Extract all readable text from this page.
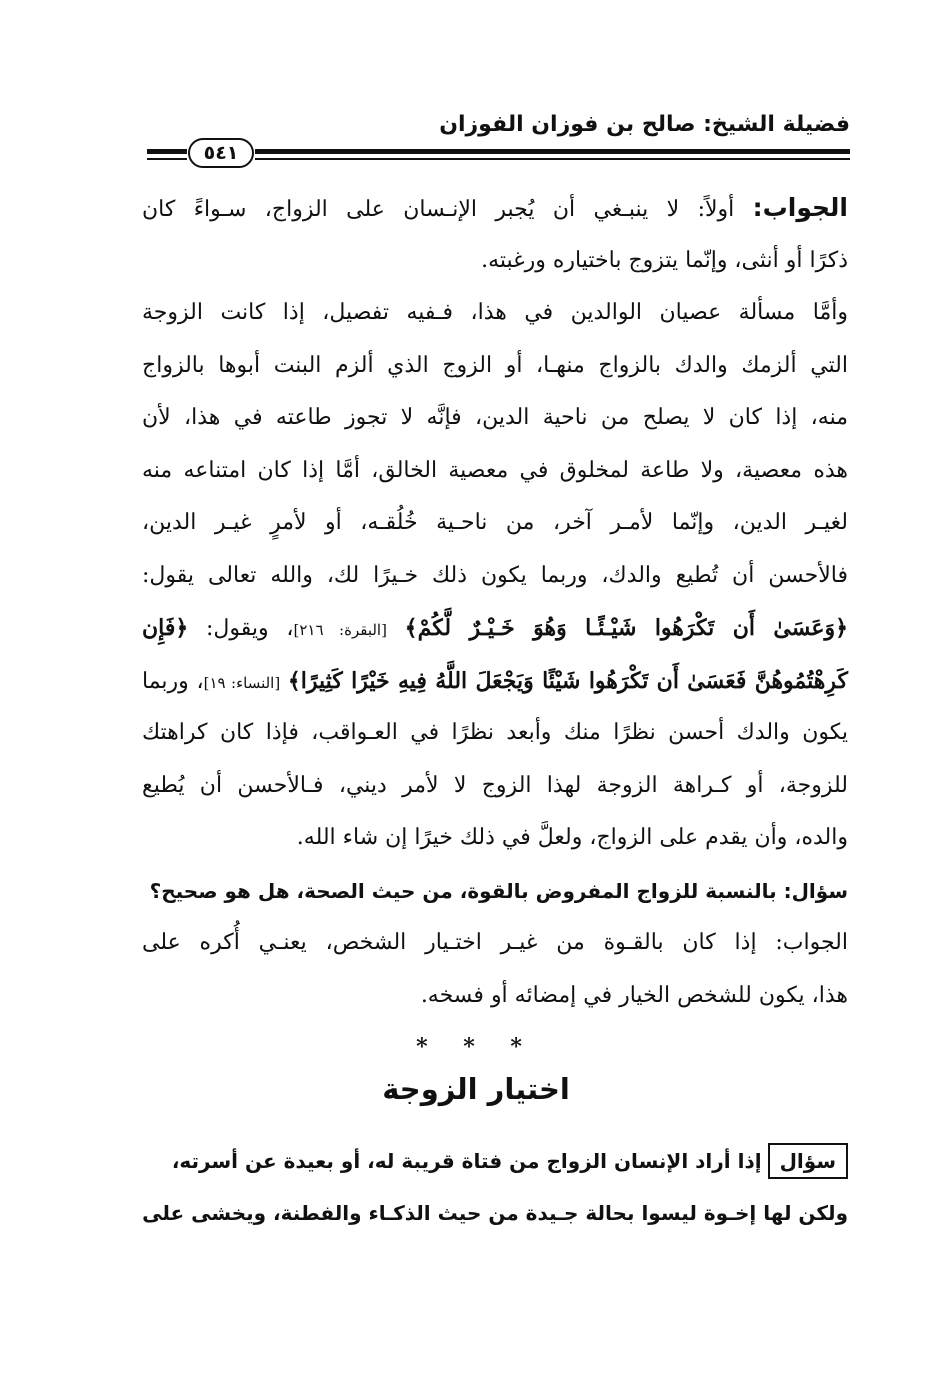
فضيلة الشيخ: صالح بن فوزان الفوزان
٥٤١
الجواب: أولاً: لا ينبـغي أن يُجبر الإنـسان على الزواج، سـواءً كان
ذكرًا أو أنثى، وإنّما يتزوج باختياره ورغبته.
وأمَّا مسألة عصيان الوالدين في هذا، فـفيه تفصيل، إذا كانت الزوجة
التي ألزمك والدك بالزواج منهـا، أو الزوج الذي ألزم البنت أبوها بالزواج
منه، إذا كان لا يصلح من ناحية الدين، فإنَّه لا تجوز طاعته في هذا، لأن
هذه معصية، ولا طاعة لمخلوق في معصية الخالق، أمَّا إذا كان امتناعه منه
لغيـر الدين، وإنّما لأمـر آخر، من ناحـية خُلُقـه، أو لأمرٍ غيـر الدين،
فالأحسن أن تُطيع والدك، وربما يكون ذلك خـيرًا لك، والله تعالى يقول:
﴿وَعَسَىٰ أَن تَكْرَهُوا شَيْـئًـا وَهُوَ خَـيْـرٌ لَّكُمْ﴾ [البقرة: ٢١٦]، ويقول: ﴿فَإِن
كَرِهْتُمُوهُنَّ فَعَسَىٰ أَن تَكْرَهُوا شَيْئًا وَيَجْعَلَ اللَّهُ فِيهِ خَيْرًا كَثِيرًا﴾ [النساء: ١٩]، وربما
يكون والدك أحسن نظرًا منك وأبعد نظرًا في العـواقب، فإذا كان كراهتك
للزوجة، أو كـراهة الزوجة لهذا الزوج لا لأمر ديني، فـالأحسن أن يُطيع
والده، وأن يقدم على الزواج، ولعلَّ في ذلك خيرًا إن شاء الله.
سؤال: بالنسبة للزواج المفروض بالقوة، من حيث الصحة، هل هو صحيح؟
الجواب: إذا كان بالقـوة من غيـر اختـيار الشخص، يعنـي أُكره على
هذا، يكون للشخص الخيار في إمضائه أو فسخه.
* * *
اختيار الزوجة
سؤالإذا أراد الإنسان الزواج من فتاة قريبة له، أو بعيدة عن أسرته،
ولكن لها إخـوة ليسوا بحالة جـيدة من حيث الذكـاء والفطنة، ويخشى على
